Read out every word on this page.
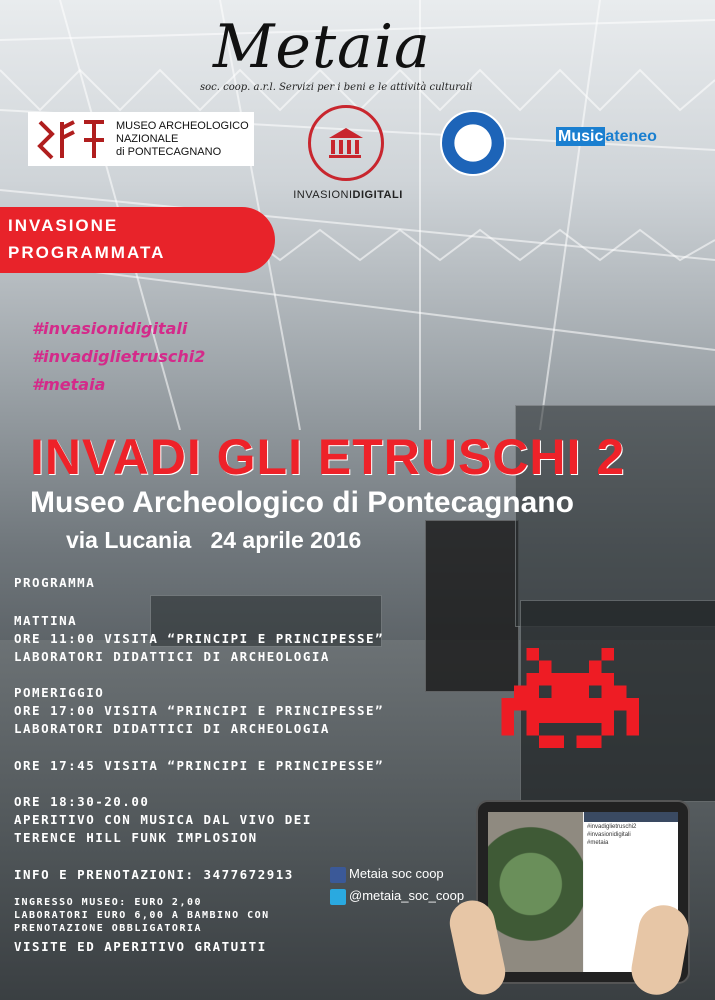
Metaia
soc. coop. a.r.l. Servizi per i beni e le attività culturali
MUSEO ARCHEOLOGICO
NAZIONALE
di PONTECAGNANO
INVASIONIDIGITALI
Music ateneo
INVASIONE
PROGRAMMATA
#invasionidigitali
#invadiglietruschi2
#metaia
INVADI GLI ETRUSCHI 2
Museo Archeologico di Pontecagnano
via Lucania 24 aprile 2016
PROGRAMMA
MATTINA
ORE 11:00 VISITA “PRINCIPI E PRINCIPESSE”
LABORATORI DIDATTICI DI ARCHEOLOGIA
POMERIGGIO
ORE 17:00 VISITA “PRINCIPI E PRINCIPESSE”
LABORATORI DIDATTICI DI ARCHEOLOGIA
ORE 17:45 VISITA “PRINCIPI E PRINCIPESSE”
ORE 18:30-20.00
APERITIVO CON MUSICA DAL VIVO DEI
TERENCE HILL FUNK IMPLOSION
INFO E PRENOTAZIONI: 3477672913	Metaia soc coop
@metaia_soc_coop
INGRESSO MUSEO: EURO 2,00
LABORATORI EURO 6,00 A BAMBINO CON
PRENOTAZIONE OBBLIGATORIA
VISITE ED APERITIVO GRATUITI
#invadiglietruschi2
#invasionidigitali
#metaia
